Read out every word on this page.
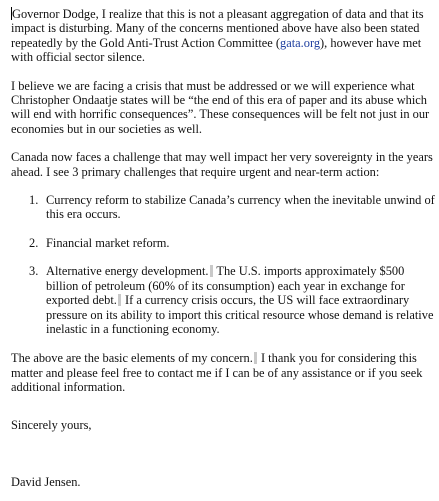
Governor Dodge, I realize that this is not a pleasant aggregation of data and that its impact is disturbing. Many of the concerns mentioned above have also been stated repeatedly by the Gold Anti-Trust Action Committee (gata.org), however have met with official sector silence.

I believe we are facing a crisis that must be addressed or we will experience what Christopher Ondaatje states will be “the end of this era of paper and its abuse which will end with horrific consequences”. These consequences will be felt not just in our economies but in our societies as well.

Canada now faces a challenge that may well impact her very sovereignty in the years ahead. I see 3 primary challenges that require urgent and near-term action:

1. Currency reform to stabilize Canada’s currency when the inevitable unwind of this era occurs.
2. Financial market reform.
3. Alternative energy development. The U.S. imports approximately $500 billion of petroleum (60% of its consumption) each year in exchange for exported debt. If a currency crisis occurs, the US will face extraordinary pressure on its ability to import this critical resource whose demand is relative inelastic in a functioning economy.

The above are the basic elements of my concern. I thank you for considering this matter and please feel free to contact me if I can be of any assistance or if you seek additional information.

Sincerely yours,

David Jensen.
